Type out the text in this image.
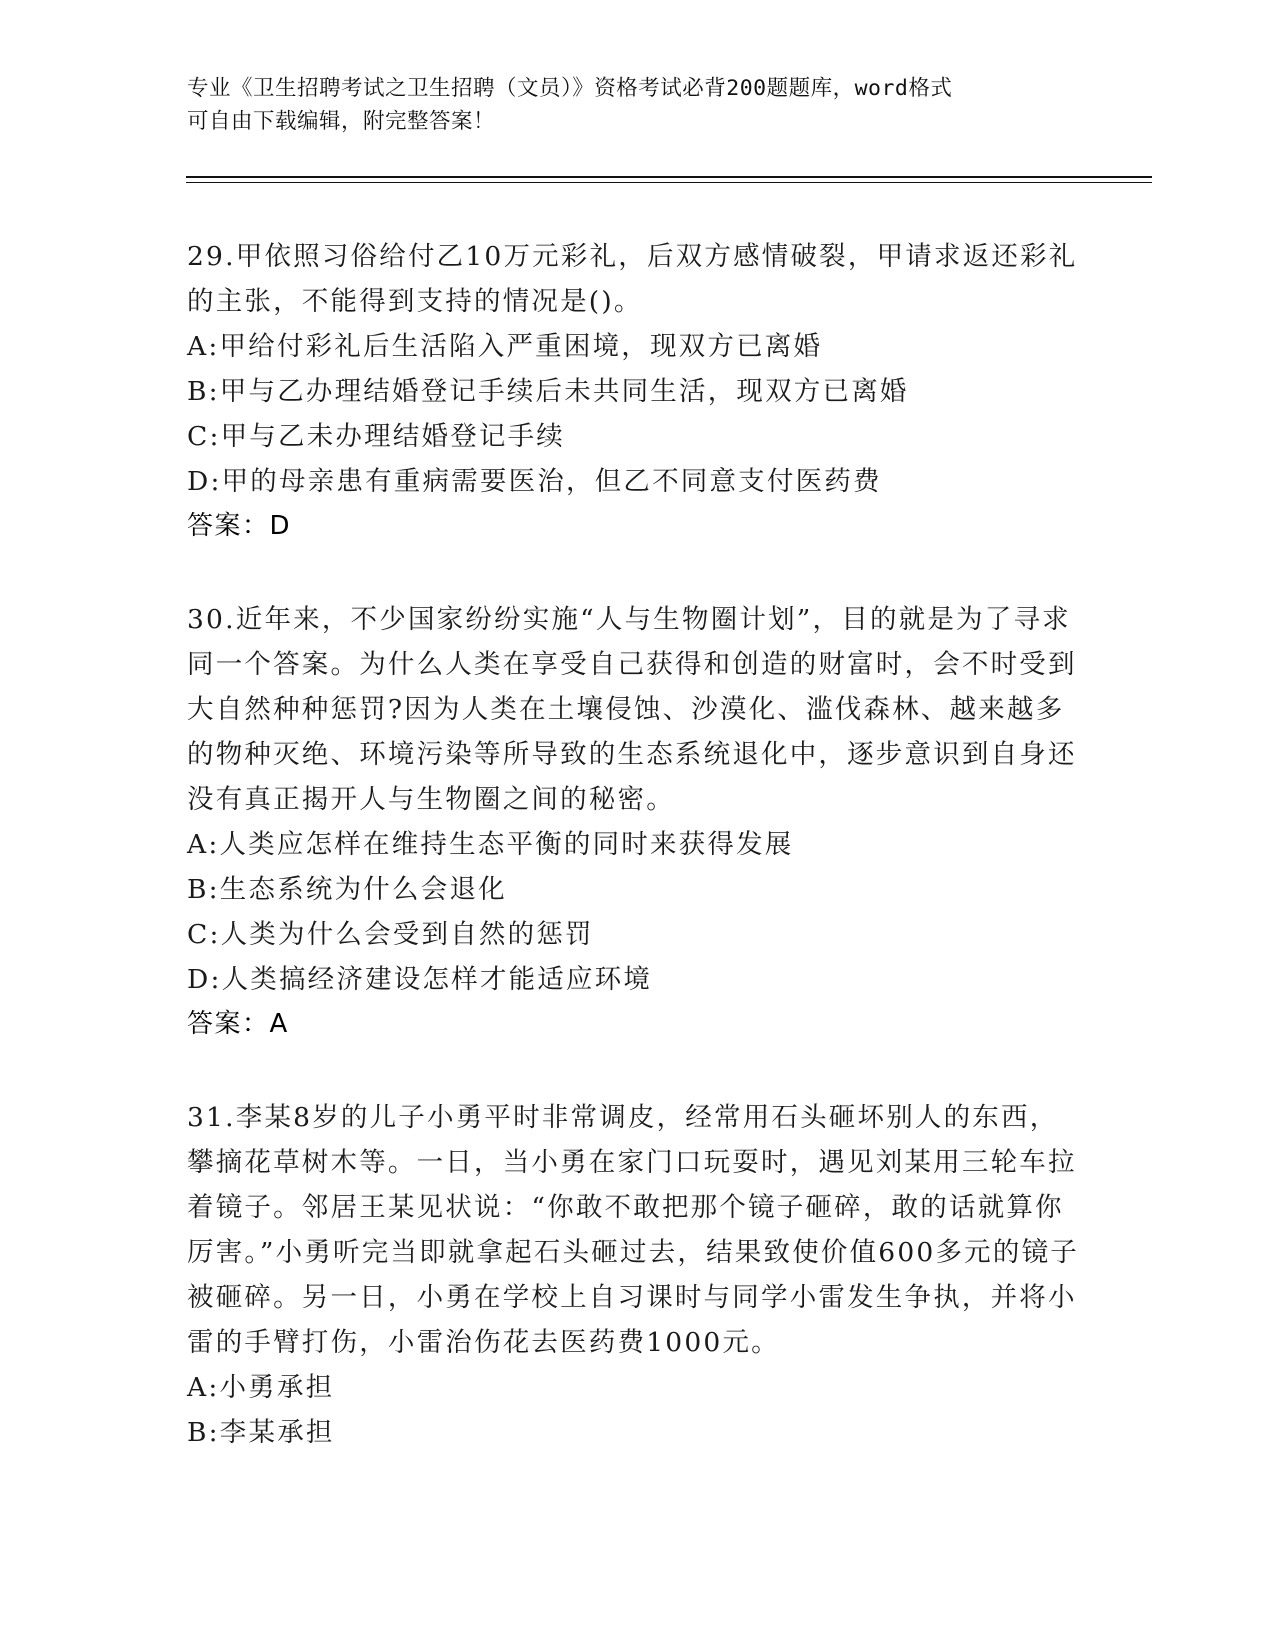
专业《卫生招聘考试之卫生招聘（文员）》资格考试必背200题题库，word格式
可自由下载编辑，附完整答案！

29.甲依照习俗给付乙10万元彩礼，后双方感情破裂，甲请求返还彩礼的主张，不能得到支持的情况是()。

A:甲给付彩礼后生活陷入严重困境，现双方已离婚

B:甲与乙办理结婚登记手续后未共同生活，现双方已离婚

C:甲与乙未办理结婚登记手续

D:甲的母亲患有重病需要医治，但乙不同意支付医药费

答案：D

30.近年来，不少国家纷纷实施“人与生物圈计划”，目的就是为了寻求同一个答案。为什么人类在享受自己获得和创造的财富时，会不时受到大自然种种惩罚?因为人类在土壤侵蚀、沙漠化、滥伐森林、越来越多的物种灭绝、环境污染等所导致的生态系统退化中，逐步意识到自身还没有真正揭开人与生物圈之间的秘密。

A:人类应怎样在维持生态平衡的同时来获得发展

B:生态系统为什么会退化

C:人类为什么会受到自然的惩罚

D:人类搞经济建设怎样才能适应环境

答案：A

31.李某8岁的儿子小勇平时非常调皮，经常用石头砸坏别人的东西，攀摘花草树木等。一日，当小勇在家门口玩耍时，遇见刘某用三轮车拉着镜子。邻居王某见状说：“你敢不敢把那个镜子砸碎，敢的话就算你厉害。”小勇听完当即就拿起石头砸过去，结果致使价值600多元的镜子被砸碎。另一日，小勇在学校上自习课时与同学小雷发生争执，并将小雷的手臂打伤，小雷治伤花去医药费1000元。

A:小勇承担

B:李某承担
